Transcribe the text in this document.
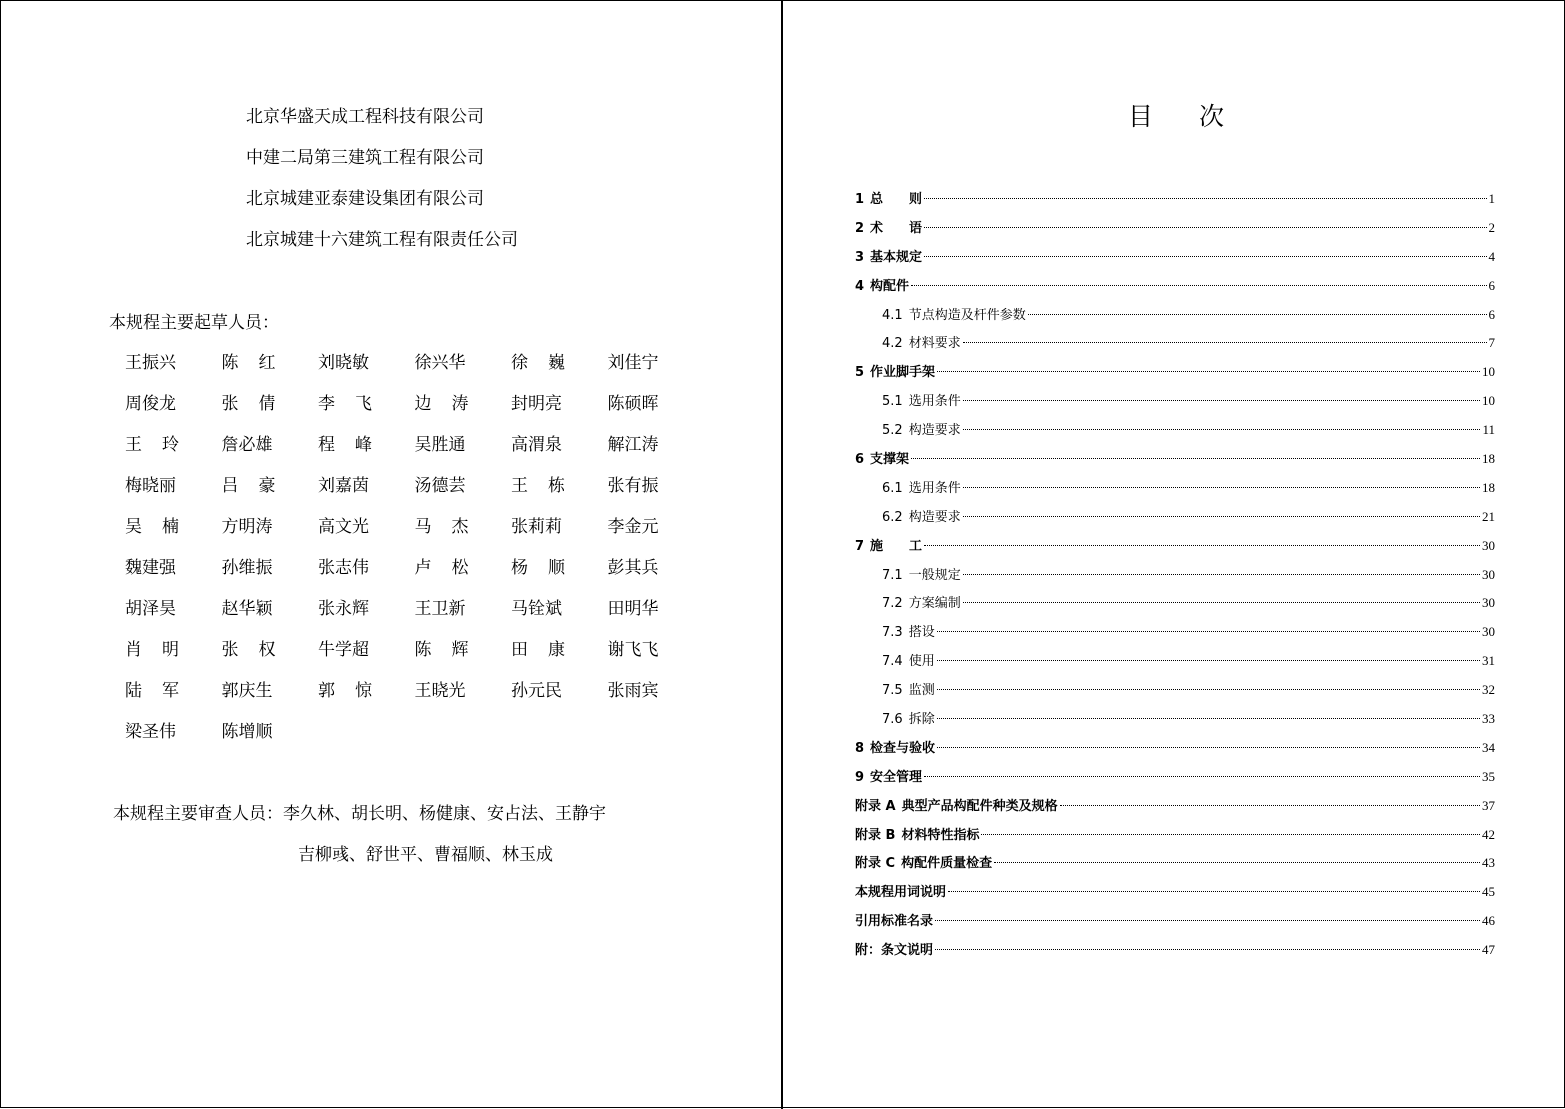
北京华盛天成工程科技有限公司
中建二局第三建筑工程有限公司
北京城建亚泰建设集团有限公司
北京城建十六建筑工程有限责任公司
本规程主要起草人员：
王振兴	陈 红	刘晓敏	徐兴华	徐 巍	刘佳宁
周俊龙	张 倩	李 飞	边 涛	封明亮	陈硕晖
王 玲	詹必雄	程 峰	吴胜通	高渭泉	解江涛
梅晓丽	吕 豪	刘嘉茵	汤德芸	王 栋	张有振
吴 楠	方明涛	高文光	马 杰	张莉莉	李金元
魏建强	孙维振	张志伟	卢 松	杨 顺	彭其兵
胡泽昊	赵华颖	张永辉	王卫新	马铨斌	田明华
肖 明	张 权	牛学超	陈 辉	田 康	谢飞飞
陆 军	郭庆生	郭 惊	王晓光	孙元民	张雨宾
梁圣伟	陈增顺
本规程主要审查人员：李久林、胡长明、杨健康、安占法、王静宇
吉柳彧、舒世平、曹福顺、林玉成
目次
1 总　　则	1
2 术　　语	2
3 基本规定	4
4 构配件	6
4.1 节点构造及杆件参数	6
4.2 材料要求	7
5 作业脚手架	10
5.1 选用条件	10
5.2 构造要求	11
6 支撑架	18
6.1 选用条件	18
6.2 构造要求	21
7 施　　工	30
7.1 一般规定	30
7.2 方案编制	30
7.3 搭设	30
7.4 使用	31
7.5 监测	32
7.6 拆除	33
8 检查与验收	34
9 安全管理	35
附录 A 典型产品构配件种类及规格	37
附录 B 材料特性指标	42
附录 C 构配件质量检查	43
本规程用词说明	45
引用标准名录	46
附：条文说明	47
